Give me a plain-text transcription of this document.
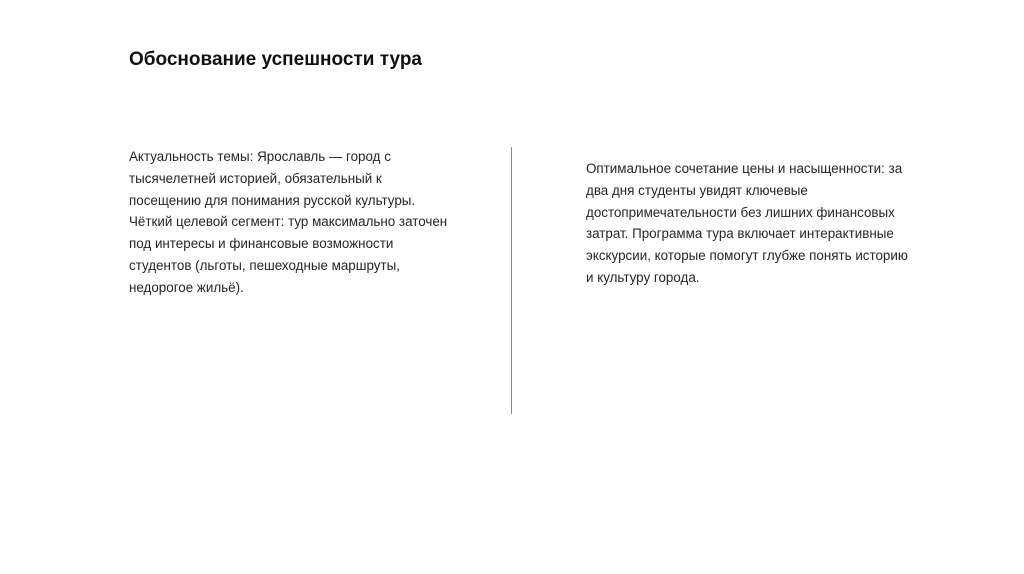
Обоснование успешности тура

Актуальность темы: Ярославль — город с

тысячелетней историей, обязательный к

посещению для понимания русской культуры.

Чёткий целевой сегмент: тур максимально заточен

под интересы и финансовые возможности

студентов (льготы, пешеходные маршруты,

недорогое жильё).

Оптимальное сочетание цены и насыщенности: за

два дня студенты увидят ключевые

достопримечательности без лишних финансовых

затрат. Программа тура включает интерактивные

экскурсии, которые помогут глубже понять историю

и культуру города.
